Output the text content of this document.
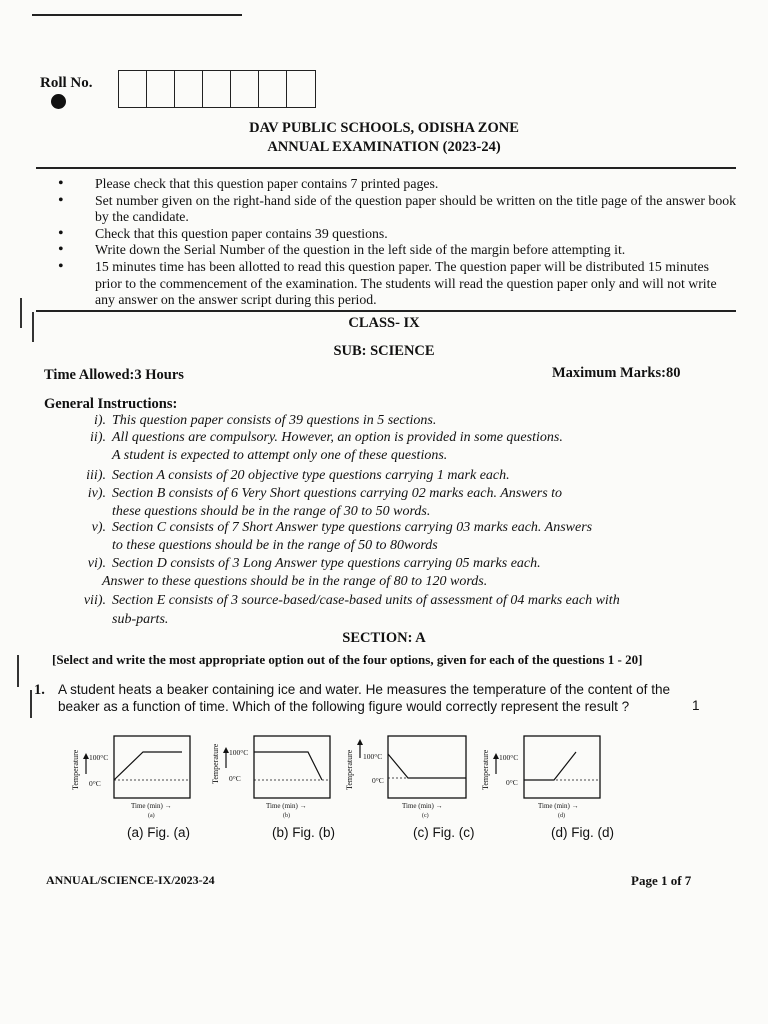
Roll No.
DAV PUBLIC SCHOOLS, ODISHA ZONE
ANNUAL EXAMINATION (2023-24)
• Please check that this question paper contains 7 printed pages.
• Set number given on the right-hand side of the question paper should be written on the title page of the answer book by the candidate.
• Check that this question paper contains 39 questions.
• Write down the Serial Number of the question in the left side of the margin before attempting it.
• 15 minutes time has been allotted to read this question paper. The question paper will be distributed 15 minutes prior to the commencement of the examination. The students will read the question paper only and will not write any answer on the answer script during this period.
CLASS- IX
SUB: SCIENCE
Time Allowed:3 Hours	Maximum Marks:80
General Instructions:
i). This question paper consists of 39 questions in 5 sections.
ii). All questions are compulsory. However, an option is provided in some questions.
A student is expected to attempt only one of these questions.
iii). Section A consists of 20 objective type questions carrying 1 mark each.
iv). Section B consists of 6 Very Short questions carrying 02 marks each. Answers to
these questions should be in the range of 30 to 50 words.
v). Section C consists of 7 Short Answer type questions carrying 03 marks each. Answers
to these questions should be in the range of 50 to 80words
vi). Section D consists of 3 Long Answer type questions carrying 05 marks each.
Answer to these questions should be in the range of 80 to 120 words.
vii). Section E consists of 3 source-based/case-based units of assessment of 04 marks each with
sub-parts.
SECTION: A
[Select and write the most appropriate option out of the four options, given for each of the questions 1 - 20]
1. A student heats a beaker containing ice and water. He measures the temperature of the content of the beaker as a function of time. Which of the following figure would correctly represent the result ?	1
Temperature 100°C
0°C
Time (min) →
(a)
Temperature 100°C
0°C
Time (min) →
(b)
Temperature 100°C
0°C
Time (min) →
(c)
Temperature 100°C
0°C
Time (min) →
(d)
(a) Fig. (a)	(b) Fig. (b)	(c) Fig. (c)	(d) Fig. (d)
ANNUAL/SCIENCE-IX/2023-24	Page 1 of 7
